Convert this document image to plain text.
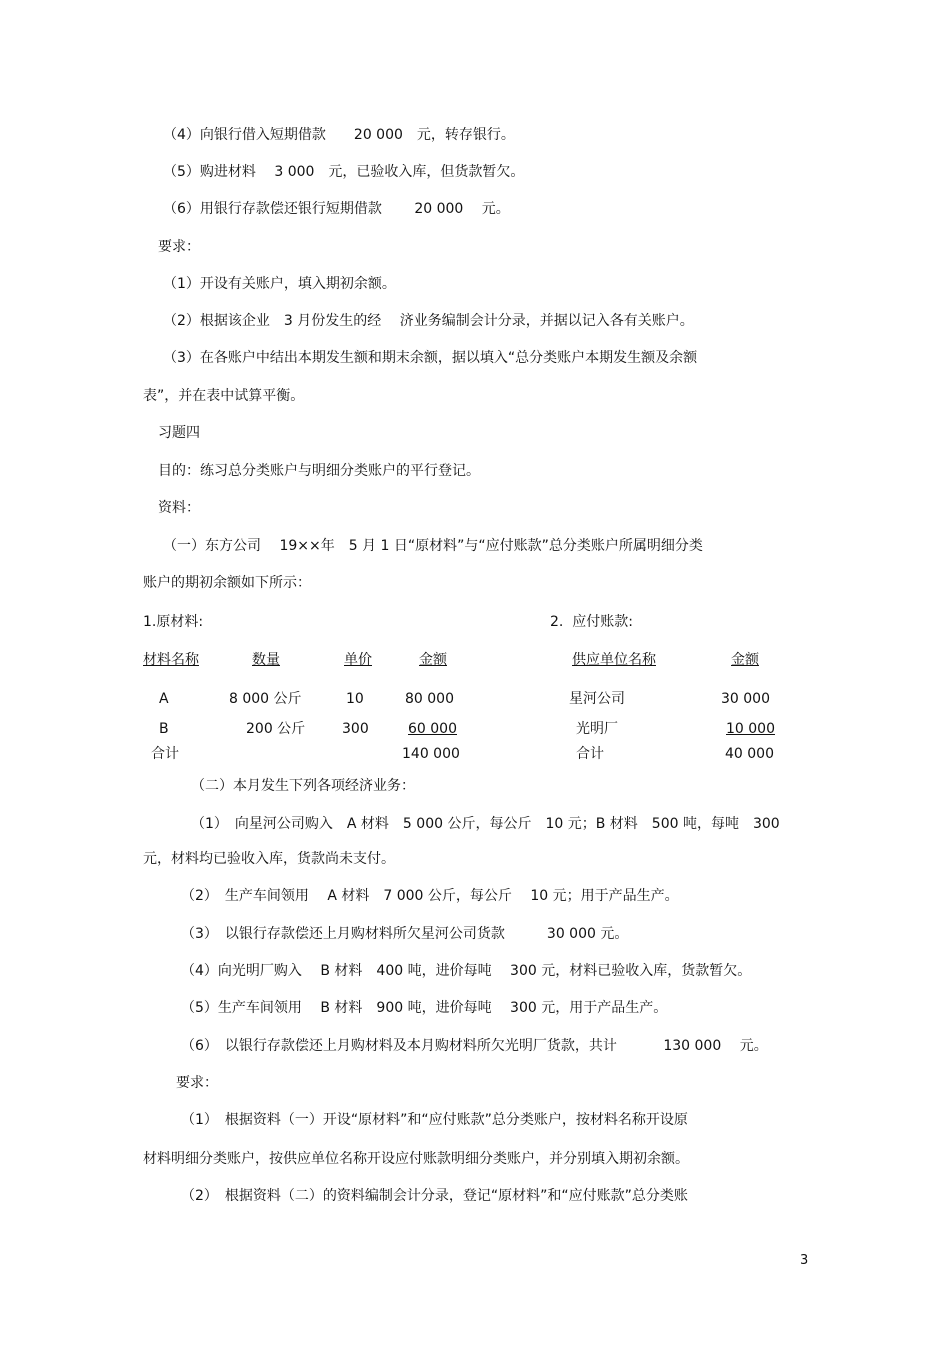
（4）向银行借入短期借款　　20 000　元，转存银行。
（5）购进材料　 3 000　元，已验收入库，但货款暂欠。
（6）用银行存款偿还银行短期借款　　 20 000　 元。
要求：
（1）开设有关账户，填入期初余额。
（2）根据该企业　3 月份发生的经　 济业务编制会计分录，并据以记入各有关账户。
（3）在各账户中结出本期发生额和期末余额，据以填入“总分类账户本期发生额及余额
表”，并在表中试算平衡。
习题四
目的：练习总分类账户与明细分类账户的平行登记。
资料：
（一）东方公司　 19××年　5 月 1 日“原材料”与“应付账款”总分类账户所属明细分类
账户的期初余额如下所示：
1.原材料:
材料名称	数量	单价	金额
A	8 000 公斤	10	80 000
B	200 公斤	300	60 000
合计	140 000
2.  应付账款:
供应单位名称	金额
星河公司	30 000
光明厂	10 000
合计	40 000
（二）本月发生下列各项经济业务：
（1）　向星河公司购入　A 材料　5 000 公斤，每公斤　10 元；B 材料　500 吨，每吨　300
元，材料均已验收入库，货款尚未支付。
（2）　生产车间领用　 A 材料　7 000 公斤，每公斤　 10 元；用于产品生产。
（3）　以银行存款偿还上月购材料所欠星河公司货款　　　30 000 元。
（4）向光明厂购入　 B 材料　400 吨，进价每吨　 300 元，材料已验收入库，货款暂欠。
（5）生产车间领用　 B 材料　900 吨，进价每吨　 300 元，用于产品生产。
（6）　以银行存款偿还上月购材料及本月购材料所欠光明厂货款，共计　　　 130 000　 元。
要求：
（1）　根据资料（一）开设“原材料”和“应付账款”总分类账户，按材料名称开设原
材料明细分类账户，按供应单位名称开设应付账款明细分类账户，并分别填入期初余额。
（2）　根据资料（二）的资料编制会计分录，登记“原材料”和“应付账款”总分类账
3
